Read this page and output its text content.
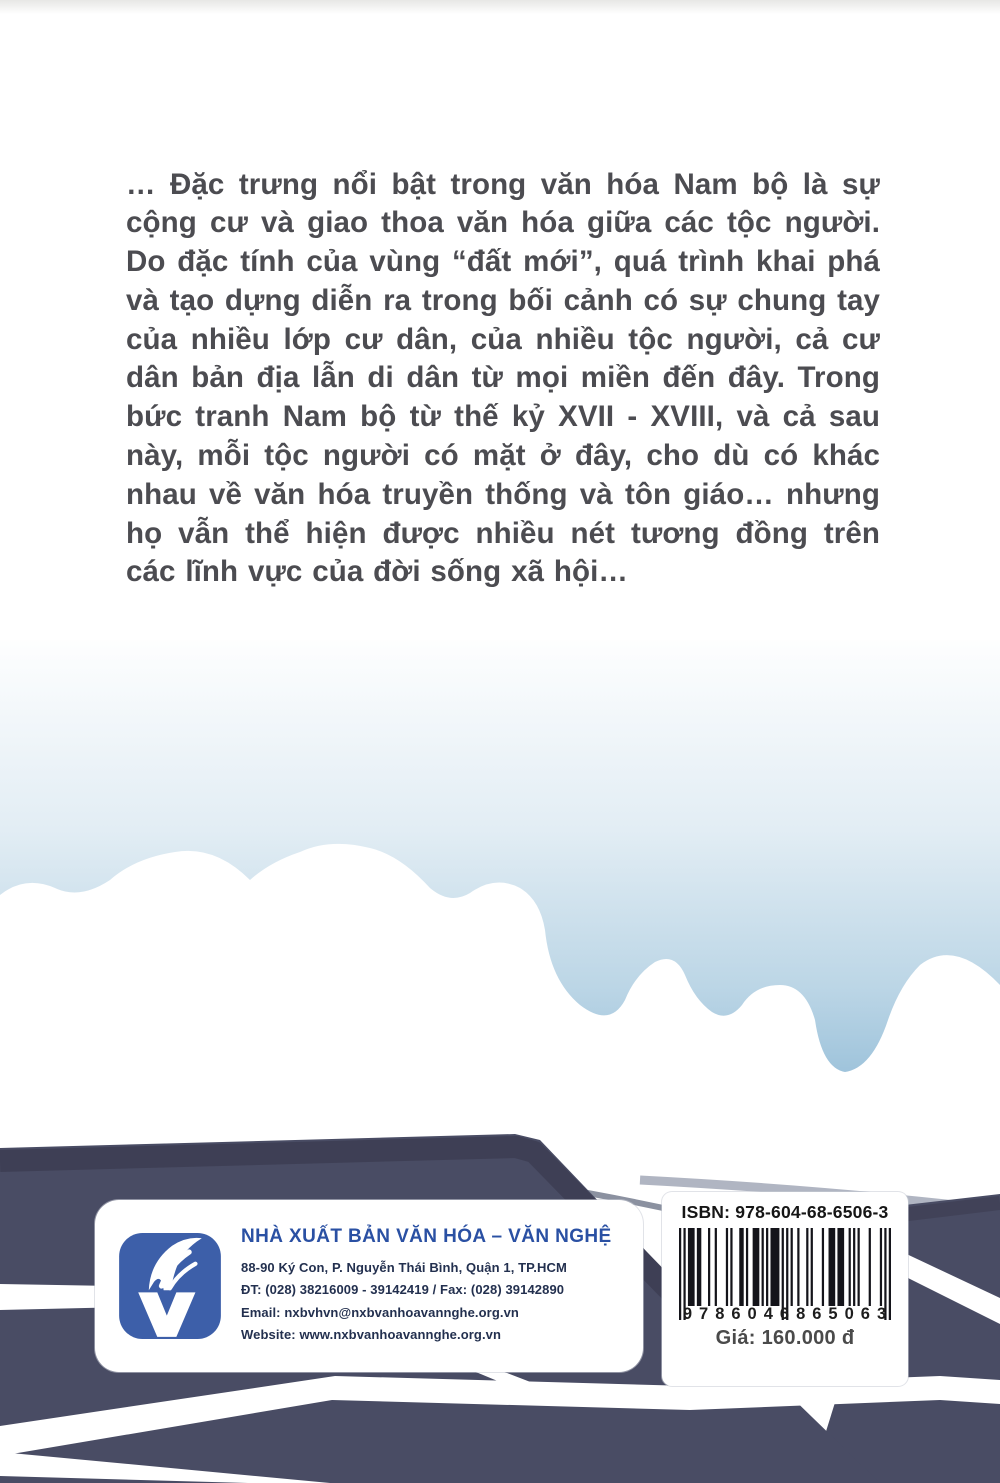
… Đặc trưng nổi bật trong văn hóa Nam bộ là sự cộng cư và giao thoa văn hóa giữa các tộc người. Do đặc tính của vùng “đất mới”, quá trình khai phá và tạo dựng diễn ra trong bối cảnh có sự chung tay của nhiều lớp cư dân, của nhiều tộc người, cả cư dân bản địa lẫn di dân từ mọi miền đến đây. Trong bức tranh Nam bộ từ thế kỷ XVII - XVIII, và cả sau này, mỗi tộc người có mặt ở đây, cho dù có khác nhau về văn hóa truyền thống và tôn giáo… nhưng họ vẫn thể hiện được nhiều nét tương đồng trên các lĩnh vực của đời sống xã hội…

NHÀ XUẤT BẢN VĂN HÓA – VĂN NGHỆ
88-90 Ký Con, P. Nguyễn Thái Bình, Quận 1, TP.HCM
ĐT: (028) 38216009 - 39142419 / Fax: (028) 39142890
Email: nxbvhvn@nxbvanhoavannghe.org.vn
Website: www.nxbvanhoavannghe.org.vn
ISBN: 978-604-68-6506-3
9786046865063
Giá: 160.000 đ
